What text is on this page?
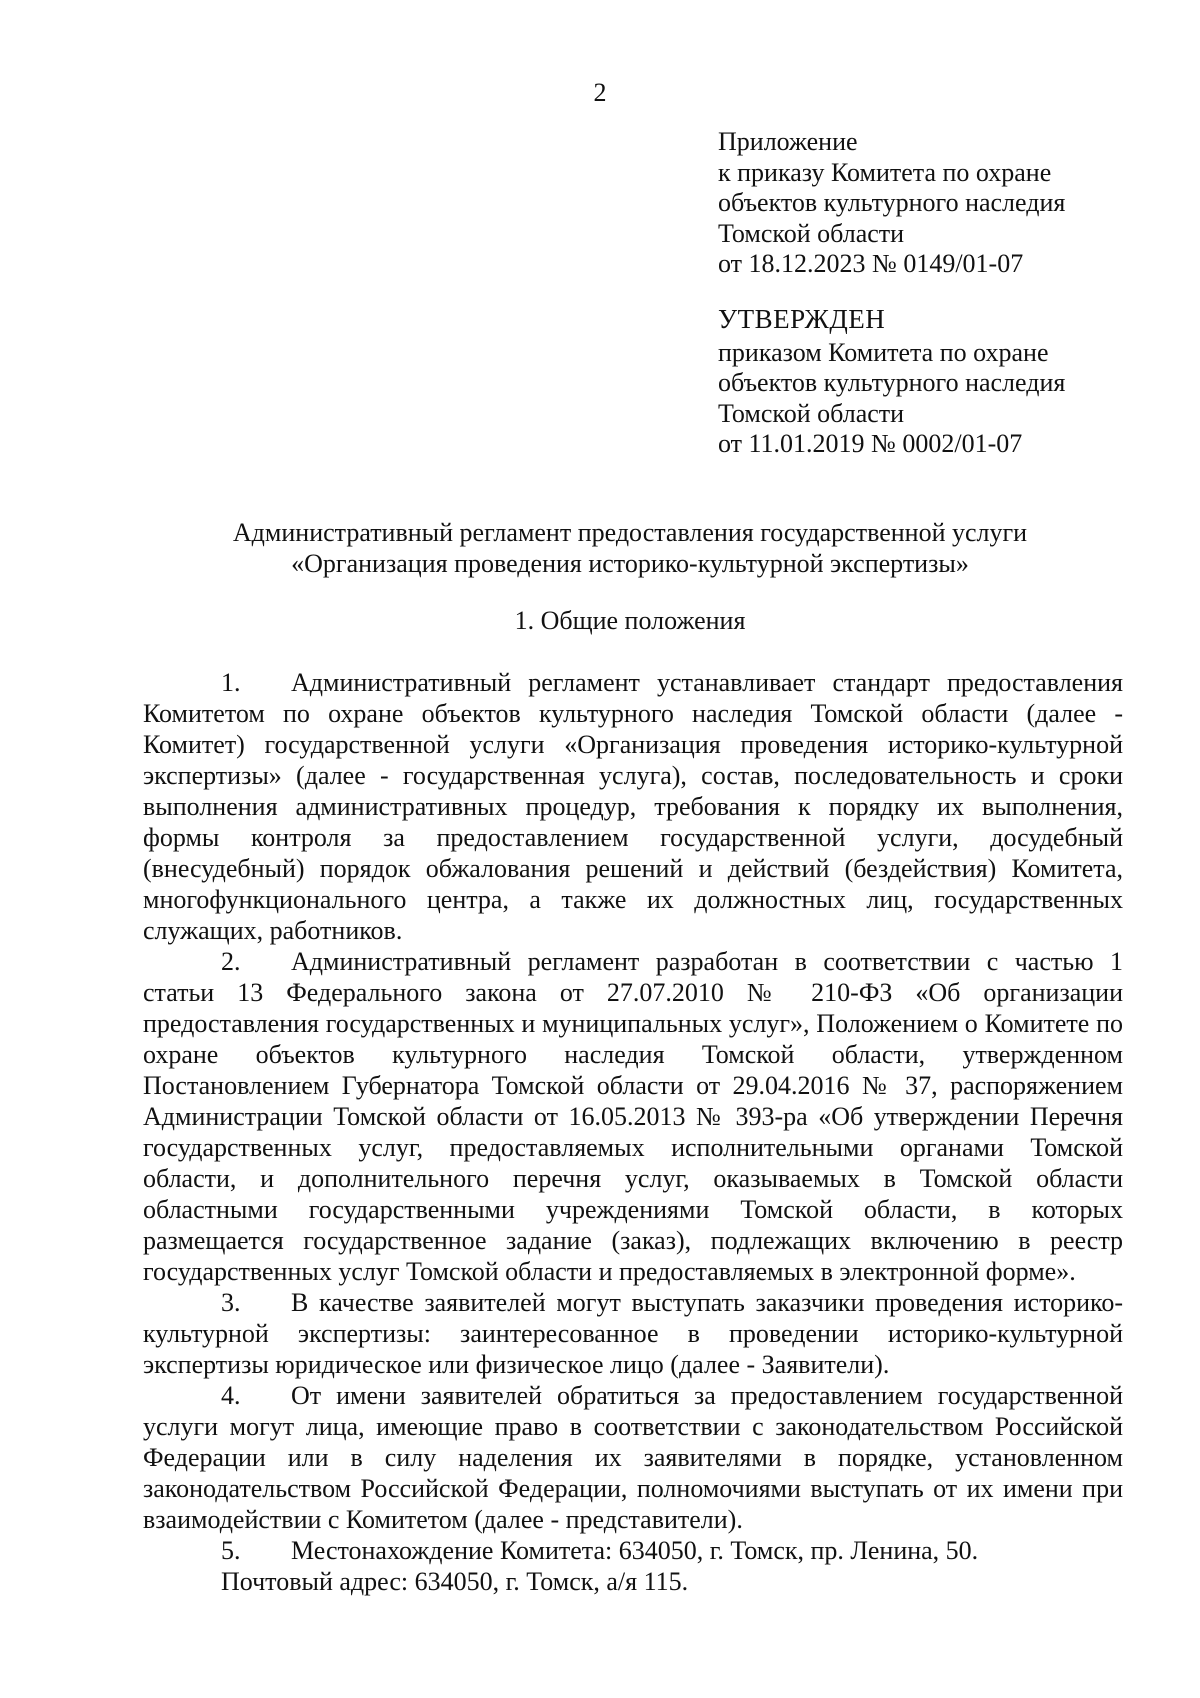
2
Приложение
к приказу Комитета по охране
объектов культурного наследия
Томской области
от 18.12.2023 № 0149/01-07
УТВЕРЖДЕН
приказом Комитета по охране
объектов культурного наследия
Томской области
от 11.01.2019 № 0002/01-07
Административный регламент предоставления государственной услуги
«Организация проведения историко-культурной экспертизы»
1. Общие положения

1. Административный регламент устанавливает стандарт предоставления Комитетом по охране объектов культурного наследия Томской области (далее - Комитет) государственной услуги «Организация проведения историко-культурной экспертизы» (далее - государственная услуга), состав, последовательность и сроки выполнения административных процедур, требования к порядку их выполнения, формы контроля за предоставлением государственной услуги, досудебный (внесудебный) порядок обжалования решений и действий (бездействия) Комитета, многофункционального центра, а также их должностных лиц, государственных служащих, работников.

2. Административный регламент разработан в соответствии с частью 1 статьи 13 Федерального закона от 27.07.2010 № 210-ФЗ «Об организации предоставления государственных и муниципальных услуг», Положением о Комитете по охране объектов культурного наследия Томской области, утвержденном Постановлением Губернатора Томской области от 29.04.2016 № 37, распоряжением Администрации Томской области от 16.05.2013 № 393-ра «Об утверждении Перечня государственных услуг, предоставляемых исполнительными органами Томской области, и дополнительного перечня услуг, оказываемых в Томской области областными государственными учреждениями Томской области, в которых размещается государственное задание (заказ), подлежащих включению в реестр государственных услуг Томской области и предоставляемых в электронной форме».

3. В качестве заявителей могут выступать заказчики проведения историко-культурной экспертизы: заинтересованное в проведении историко-культурной экспертизы юридическое или физическое лицо (далее - Заявители).

4. От имени заявителей обратиться за предоставлением государственной услуги могут лица, имеющие право в соответствии с законодательством Российской Федерации или в силу наделения их заявителями в порядке, установленном законодательством Российской Федерации, полномочиями выступать от их имени при взаимодействии с Комитетом (далее - представители).

5. Местонахождение Комитета: 634050, г. Томск, пр. Ленина, 50.

Почтовый адрес: 634050, г. Томск, а/я 115.
